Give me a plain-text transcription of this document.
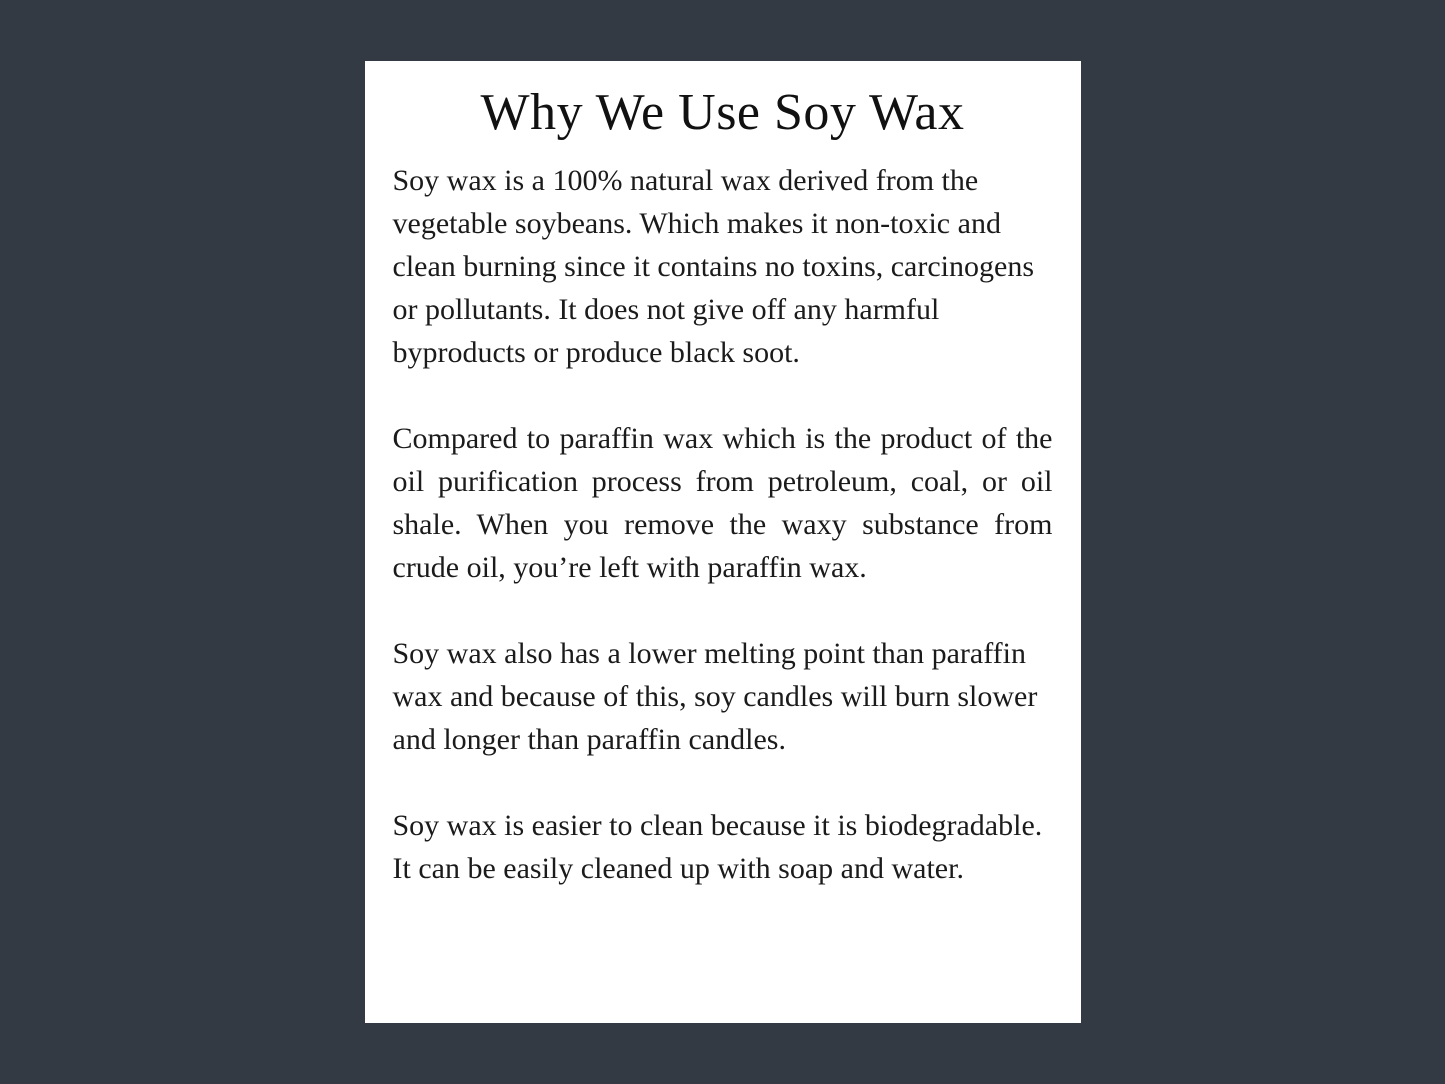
Why We Use Soy Wax

Soy wax is a 100% natural wax derived from the vegetable soybeans. Which makes it non-toxic and clean burning since it contains no toxins, carcinogens or pollutants. It does not give off any harmful byproducts or produce black soot.

Compared to paraffin wax which is the product of the oil purification process from petroleum, coal, or oil shale. When you remove the waxy substance from crude oil, you’re left with paraffin wax.

Soy wax also has a lower melting point than paraffin wax and because of this, soy candles will burn slower and longer than paraffin candles.

Soy wax is easier to clean because it is biodegradable. It can be easily cleaned up with soap and water.
